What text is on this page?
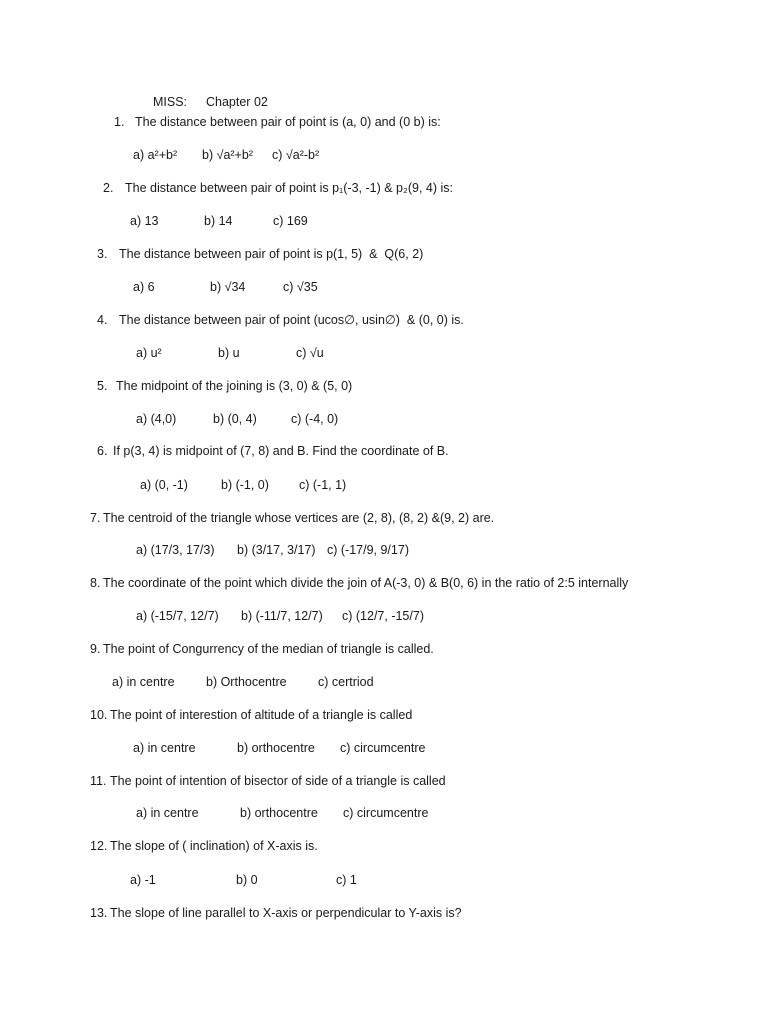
MISS: Chapter 02
1. The distance between pair of point is (a, 0) and (0 b) is:
a) a²+b² b) √a²+b² c) √a²-b²
2. The distance between pair of point is p₁(-3, -1) & p₂(9, 4) is:
a) 13	b) 14	c) 169
3. The distance between pair of point is p(1, 5)  &  Q(6, 2)
a) 6	b) √34	c) √35
4. The distance between pair of point (ucos∅, usin∅)  & (0, 0) is.
a) u²	b) u	c) √u
5. The midpoint of the joining is (3, 0) & (5, 0)
a) (4,0)	b) (0, 4)	c) (-4, 0)
6. If p(3, 4) is midpoint of (7, 8) and B. Find the coordinate of B.
a) (0, -1)	b) (-1, 0) c) (-1, 1)
7. The centroid of the triangle whose vertices are (2, 8), (8, 2) &(9, 2) are.
a) (17/3, 17/3) b) (3/17, 3/17) c) (-17/9, 9/17)
8. The coordinate of the point which divide the join of A(-3, 0) & B(0, 6) in the ratio of 2:5 internally
a) (-15/7, 12/7) b) (-11/7, 12/7) c) (12/7, -15/7)
9. The point of Congurrency of the median of triangle is called.
a) in centre	b) Orthocentre	c) certriod
10. The point of interestion of altitude of a triangle is called
a) in centre	b) orthocentre c) circumcentre
11. The point of intention of bisector of side of a triangle is called
a) in centre	b) orthocentre c) circumcentre
12. The slope of ( inclination) of X-axis is.
a) -1	b) 0	c) 1
13. The slope of line parallel to X-axis or perpendicular to Y-axis is?
